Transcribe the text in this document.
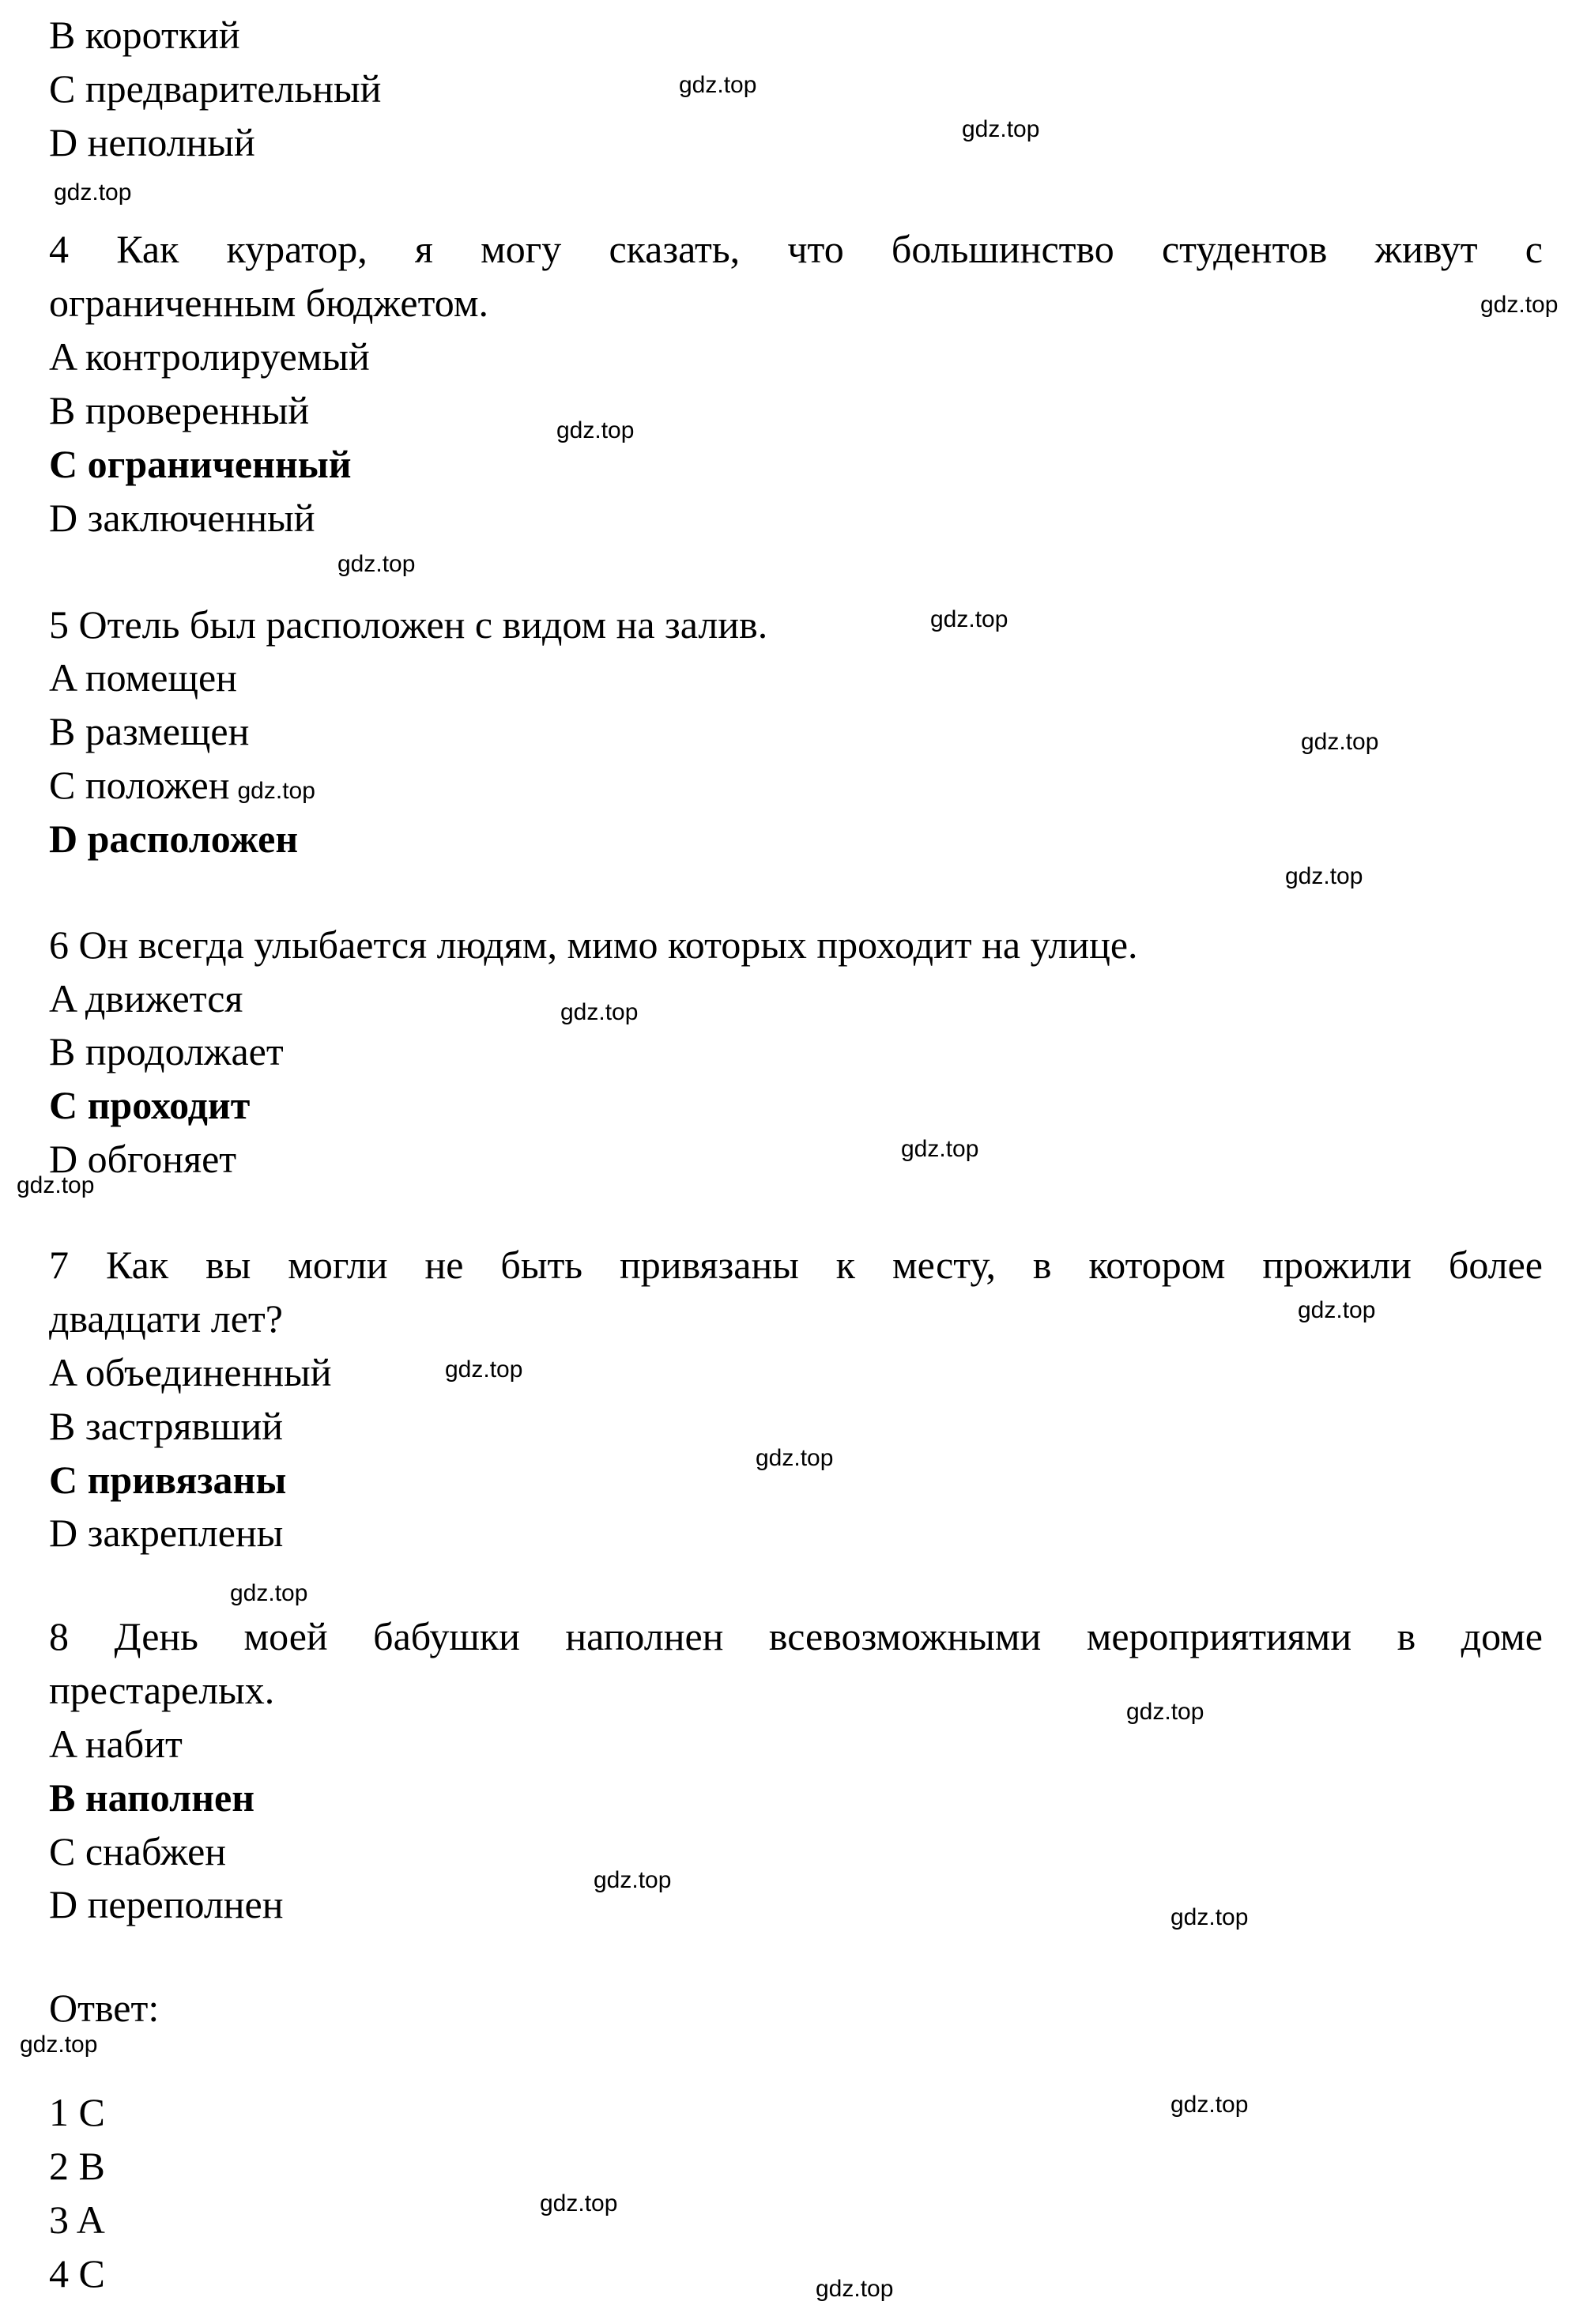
B короткий

C предварительный

D неполный

4 Как куратор, я могу сказать, что большинство студентов живут с

ограниченным бюджетом.

A контролируемый

B проверенный

C ограниченный

D заключенный

5 Отель был расположен с видом на залив.

A помещен

B размещен

C положен gdz.top

D расположен

6 Он всегда улыбается людям, мимо которых проходит на улице.

A движется

B продолжает

C проходит

D обгоняет

7 Как вы могли не быть привязаны к месту, в котором прожили более

двадцати лет?

A объединенный

B застрявший

C привязаны

D закреплены

8 День моей бабушки наполнен всевозможными мероприятиями в доме

престарелых.

A набит

B наполнен

C снабжен

D переполнен

Ответ:

1 C

2 B

3 A

4 C

gdz.top
gdz.top
gdz.top
gdz.top
gdz.top
gdz.top
gdz.top
gdz.top
gdz.top
gdz.top
gdz.top
gdz.top
gdz.top
gdz.top
gdz.top
gdz.top
gdz.top
gdz.top
gdz.top
gdz.top
gdz.top
gdz.top
gdz.top
